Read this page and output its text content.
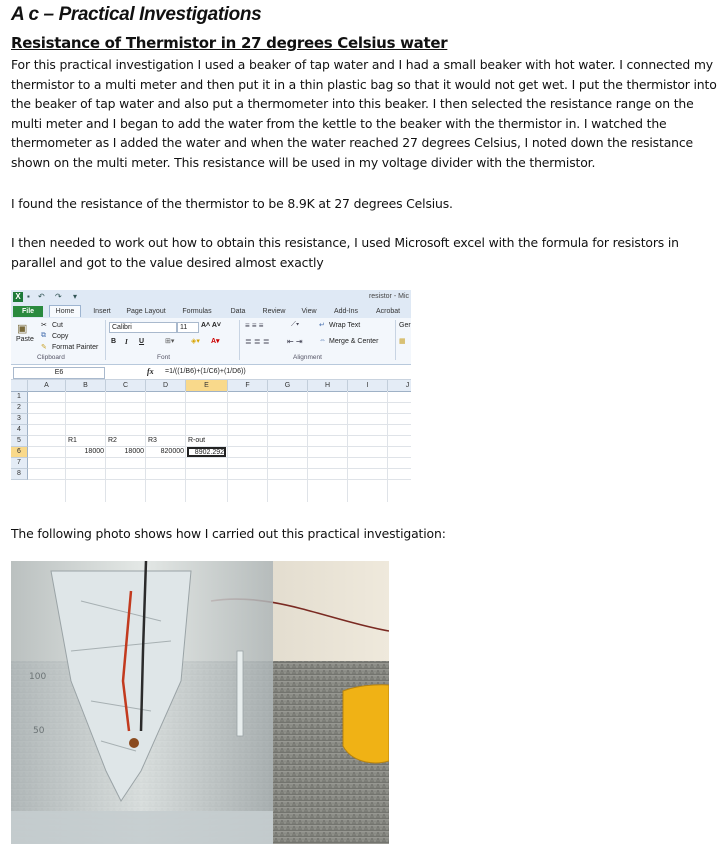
A c – Practical Investigations
Resistance of Thermistor in 27 degrees Celsius water

For this practical investigation I used a beaker of tap water and I had a small beaker with hot water. I connected my thermistor to a multi meter and then put it in a thin plastic bag so that it would not get wet. I put the thermistor into the beaker of tap water and also put a thermometer into this beaker. I then selected the resistance range on the multi meter and I began to add the water from the kettle to the beaker with the thermistor in. I watched the thermometer as I added the water and when the water reached 27 degrees Celsius, I noted down the resistance shown on the multi meter. This resistance will be used in my voltage divider with the thermistor.

I found the resistance of the thermistor to be 8.9K at 27 degrees Celsius.

I then needed to work out how to obtain this resistance, I used Microsoft excel with the formula for resistors in parallel and got to the value desired almost exactly

X ▪	↶ ↷ ▾	resistor - Mic
File	Home	Insert	Page Layout	Formulas	Data	Review	View	Add-Ins	Acrobat
▣
Paste
✂ Cut
⧉ Copy
✎ Format Painter
Clipboard
Calibri	11	A˄ A˅
B I U	⊞▾ ◈▾ A▾
Font
≡ ≡ ≡	⟋▾
≣ ≣ ≣ ⇤ ⇥
↵ Wrap Text
⇔ Merge & Center
Alignment
Ger
▦
E6	fx =1/((1/B6)+(1/C6)+(1/D6))
A	B	C	D	E	F	G	H	I	J
1
2
3
4
5
6
7
8
R1	R2	R3	R-out
18000	18000	820000	8902.292

The following photo shows how I carried out this practical investigation:

100
50
